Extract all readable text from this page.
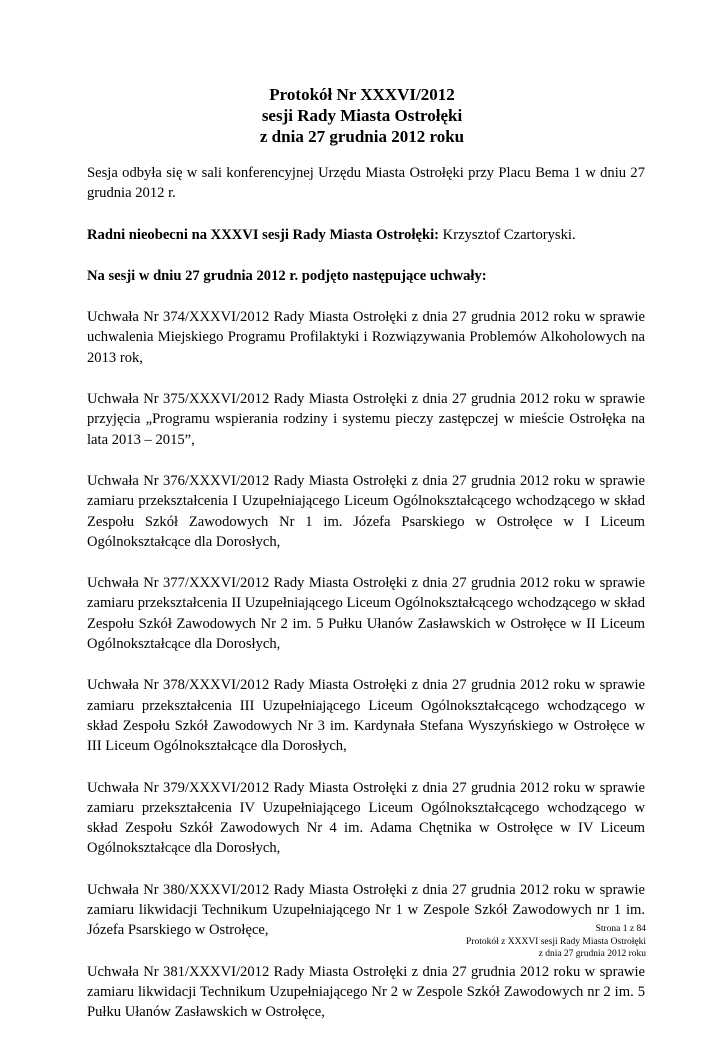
Protokół Nr XXXVI/2012
sesji Rady Miasta Ostrołęki
z dnia 27 grudnia 2012 roku

Sesja odbyła się w sali konferencyjnej Urzędu Miasta Ostrołęki przy Placu Bema 1 w dniu 27 grudnia 2012 r.

Radni nieobecni na XXXVI sesji Rady Miasta Ostrołęki: Krzysztof Czartoryski.

Na sesji w dniu 27 grudnia 2012 r. podjęto następujące uchwały:

Uchwała Nr 374/XXXVI/2012 Rady Miasta Ostrołęki z dnia 27 grudnia 2012 roku w sprawie uchwalenia Miejskiego Programu Profilaktyki i Rozwiązywania Problemów Alkoholowych na 2013 rok,

Uchwała Nr 375/XXXVI/2012 Rady Miasta Ostrołęki z dnia 27 grudnia 2012 roku w sprawie przyjęcia „Programu wspierania rodziny i systemu pieczy zastępczej w mieście Ostrołęka na lata 2013 – 2015”,

Uchwała Nr 376/XXXVI/2012 Rady Miasta Ostrołęki z dnia 27 grudnia 2012 roku w sprawie zamiaru przekształcenia I Uzupełniającego Liceum Ogólnokształcącego wchodzącego w skład Zespołu Szkół Zawodowych Nr 1 im. Józefa Psarskiego w Ostrołęce w I Liceum Ogólnokształcące dla Dorosłych,

Uchwała Nr 377/XXXVI/2012 Rady Miasta Ostrołęki z dnia 27 grudnia 2012 roku w sprawie zamiaru przekształcenia II Uzupełniającego Liceum Ogólnokształcącego wchodzącego w skład Zespołu Szkół Zawodowych Nr 2 im. 5 Pułku Ułanów Zasławskich w Ostrołęce w II Liceum Ogólnokształcące dla Dorosłych,

Uchwała Nr 378/XXXVI/2012 Rady Miasta Ostrołęki z dnia 27 grudnia 2012 roku w sprawie zamiaru przekształcenia III Uzupełniającego Liceum Ogólnokształcącego wchodzącego w skład Zespołu Szkół Zawodowych Nr 3 im. Kardynała Stefana Wyszyńskiego w Ostrołęce w III Liceum Ogólnokształcące dla Dorosłych,

Uchwała Nr 379/XXXVI/2012 Rady Miasta Ostrołęki z dnia 27 grudnia 2012 roku w sprawie zamiaru przekształcenia IV Uzupełniającego Liceum Ogólnokształcącego wchodzącego w skład Zespołu Szkół Zawodowych Nr 4 im. Adama Chętnika w Ostrołęce w IV Liceum Ogólnokształcące dla Dorosłych,

Uchwała Nr 380/XXXVI/2012 Rady Miasta Ostrołęki z dnia 27 grudnia 2012 roku w sprawie zamiaru likwidacji Technikum Uzupełniającego Nr 1 w Zespole Szkół Zawodowych nr 1 im. Józefa Psarskiego w Ostrołęce,

Uchwała Nr 381/XXXVI/2012 Rady Miasta Ostrołęki z dnia 27 grudnia 2012 roku w sprawie zamiaru likwidacji Technikum Uzupełniającego Nr 2 w Zespole Szkół Zawodowych nr 2 im. 5 Pułku Ułanów Zasławskich w Ostrołęce,

Strona 1 z 84
Protokół z XXXVI sesji Rady Miasta Ostrołęki
z dnia 27 grudnia 2012 roku
